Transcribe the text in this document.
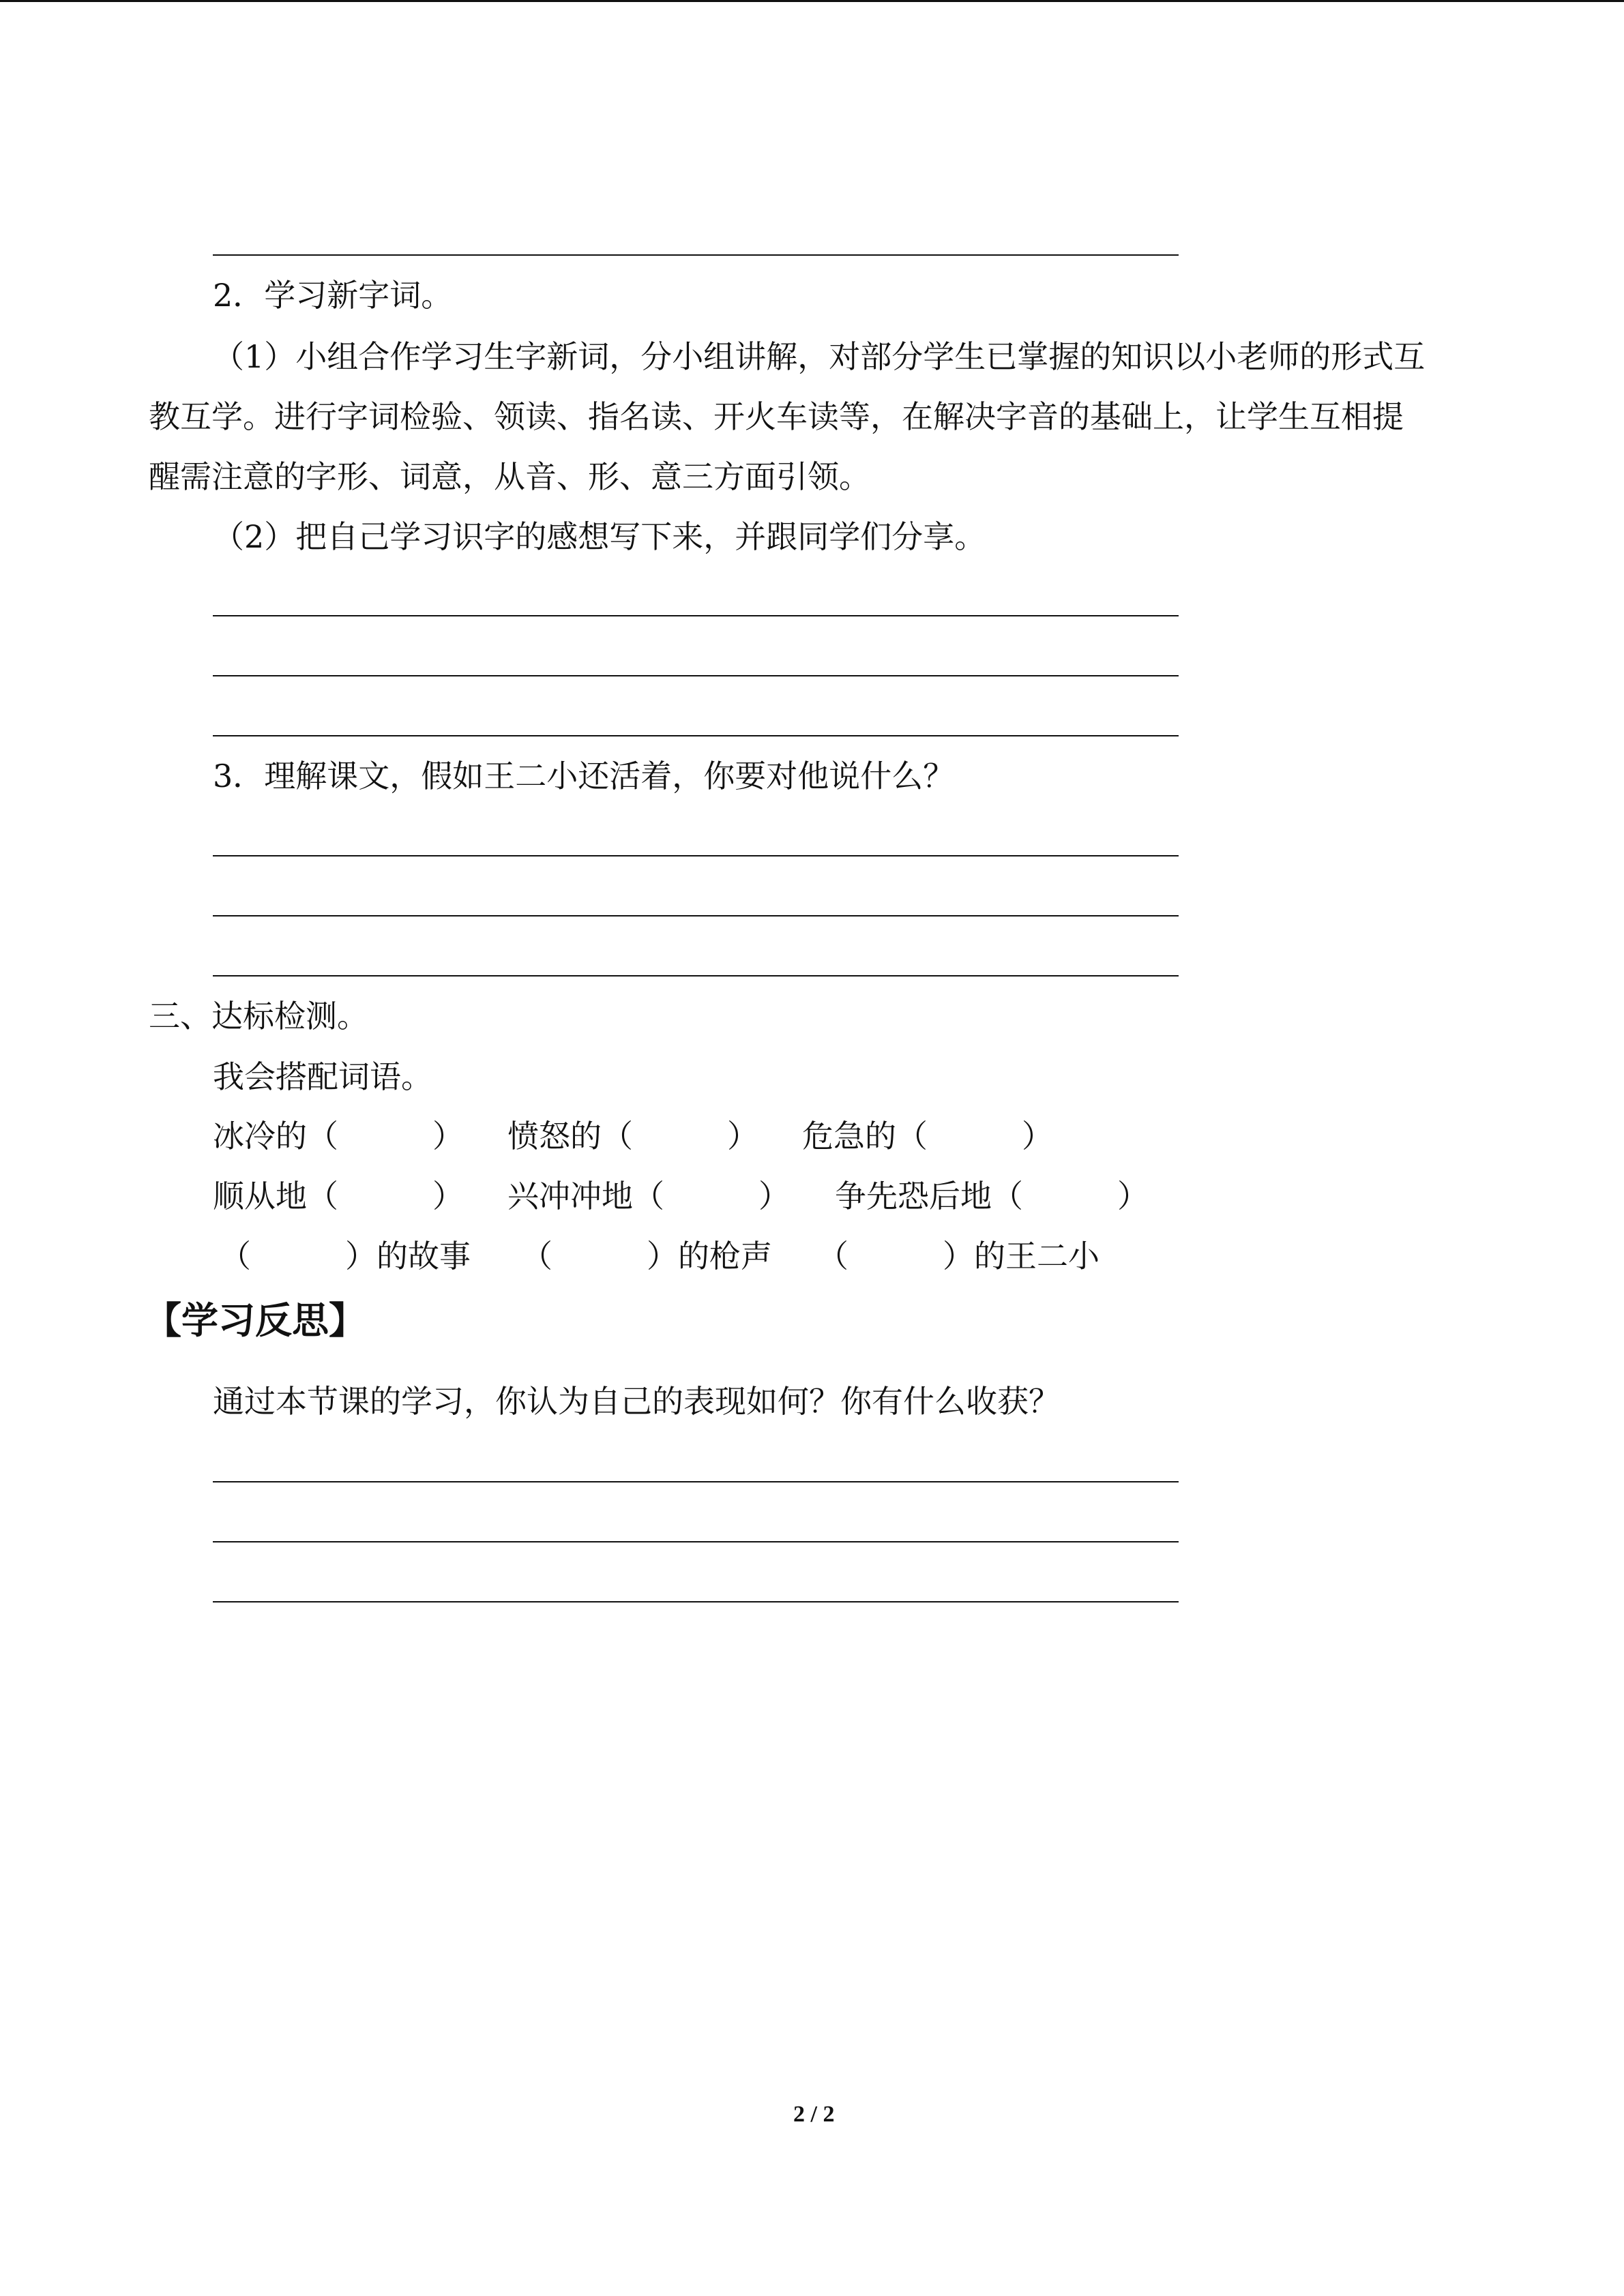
2．学习新字词。
（1）小组合作学习生字新词，分小组讲解，对部分学生已掌握的知识以小老师的形式互
教互学。进行字词检验、领读、指名读、开火车读等，在解决字音的基础上，让学生互相提
醒需注意的字形、词意，从音、形、意三方面引领。
（2）把自己学习识字的感想写下来，并跟同学们分享。
3．理解课文，假如王二小还活着，你要对他说什么？
三、达标检测。
我会搭配词语。
冰冷的（　　　） 愤怒的（　　　） 危急的（　　　）
顺从地（　　　） 兴冲冲地（　　　） 争先恐后地（　　　）
（　　　）的故事 （　　　）的枪声 （　　　）的王二小
【学习反思】
通过本节课的学习，你认为自己的表现如何？你有什么收获？
2 / 2
